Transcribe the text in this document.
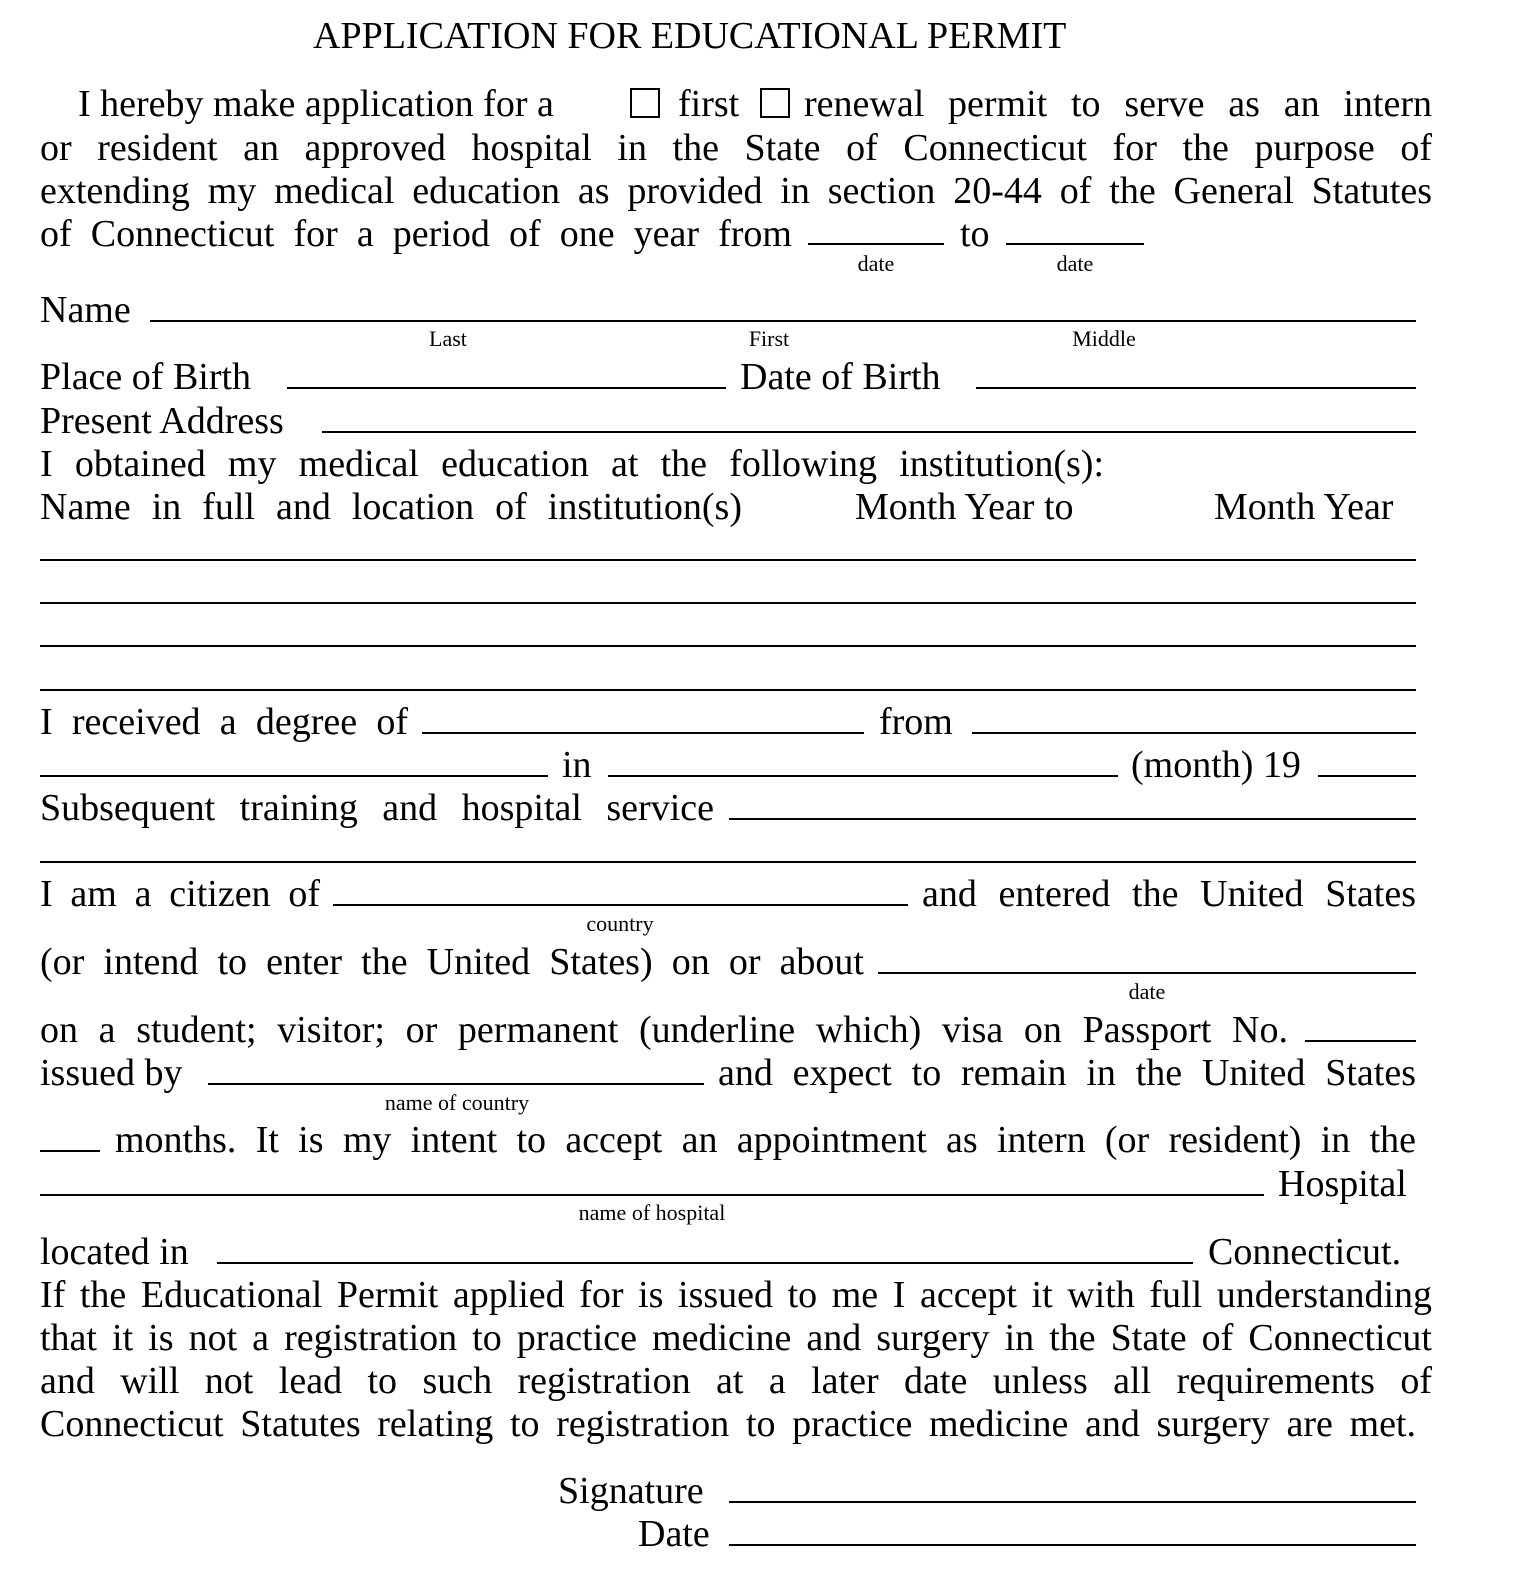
APPLICATION FOR EDUCATIONAL PERMIT
I hereby make application for a	first renewal permit to serve as an intern
or resident an approved hospital in the State of Connecticut for the purpose of
extending my medical education as provided in section 20-44 of the General Statutes
of Connecticut for a period of one year from	to
date	date
Name
Last	First	Middle
Place of Birth	Date of Birth
Present Address
I obtained my medical education at the following institution(s):
Name in full and location of institution(s)	Month Year to	Month Year
I received a degree of	from
in	(month) 19
Subsequent training and hospital service
I am a citizen of	and entered the United States
country
(or intend to enter the United States) on or about
date
on a student; visitor; or permanent (underline which) visa on Passport No.
issued by	and expect to remain in the United States
name of country
months. It is my intent to accept an appointment as intern (or resident) in the
Hospital
name of hospital
located in	Connecticut.
If the Educational Permit applied for is issued to me I accept it with full understanding
that it is not a registration to practice medicine and surgery in the State of Connecticut
and will not lead to such registration at a later date unless all requirements of
Connecticut Statutes relating to registration to practice medicine and surgery are met.
Signature
Date
